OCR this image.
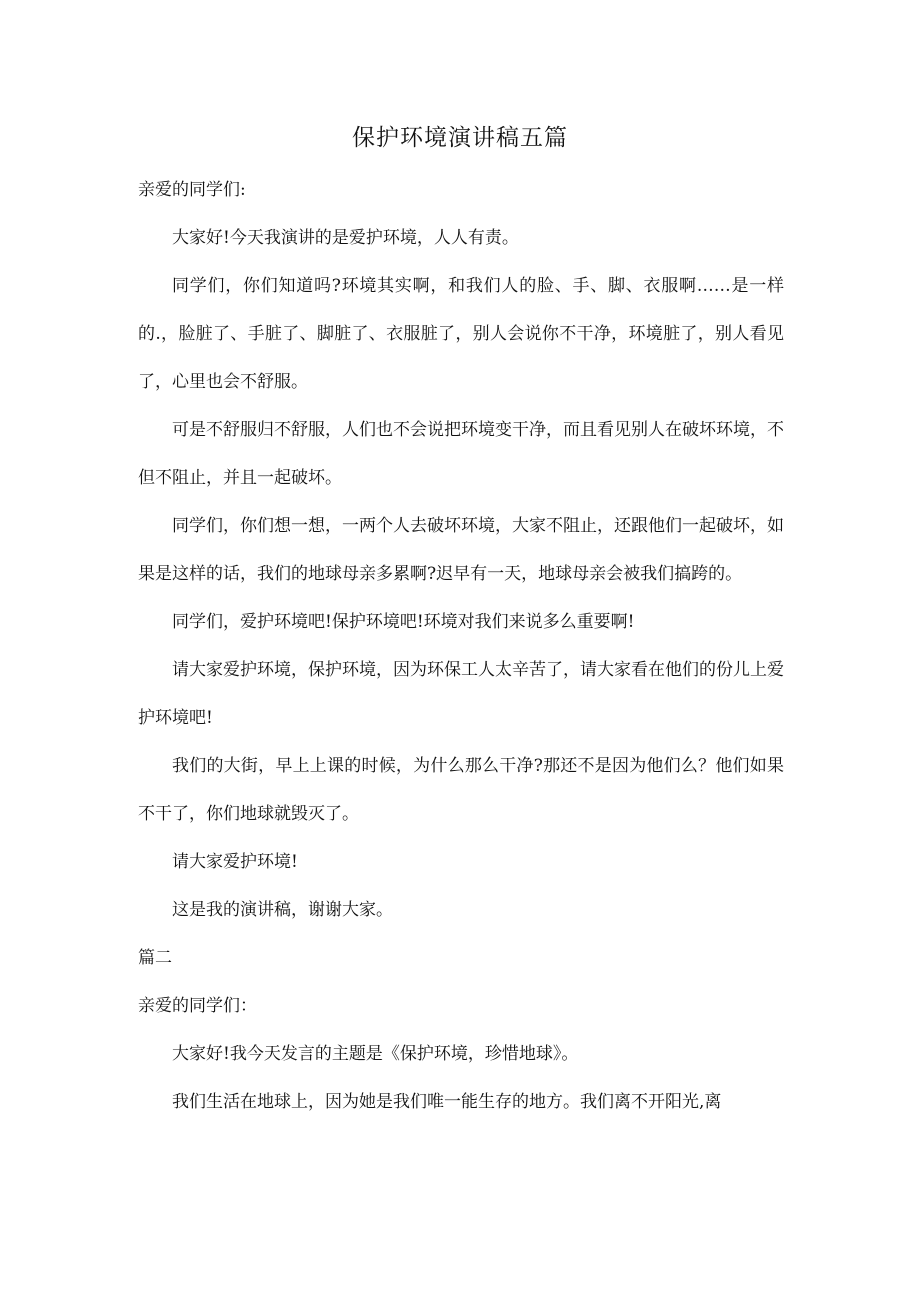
保护环境演讲稿五篇

亲爱的同学们:

大家好!今天我演讲的是爱护环境，人人有责。

同学们，你们知道吗?环境其实啊，和我们人的脸、手、脚、衣服啊……是一样的.，脸脏了、手脏了、脚脏了、衣服脏了，别人会说你不干净，环境脏了，别人看见了，心里也会不舒服。

可是不舒服归不舒服，人们也不会说把环境变干净，而且看见别人在破坏环境，不但不阻止，并且一起破坏。

同学们，你们想一想，一两个人去破坏环境，大家不阻止，还跟他们一起破坏，如果是这样的话，我们的地球母亲多累啊?迟早有一天，地球母亲会被我们搞跨的。

同学们，爱护环境吧!保护环境吧!环境对我们来说多么重要啊!

请大家爱护环境，保护环境，因为环保工人太辛苦了，请大家看在他们的份儿上爱护环境吧!

我们的大街，早上上课的时候，为什么那么干净?那还不是因为他们么？他们如果不干了，你们地球就毁灭了。

请大家爱护环境!

这是我的演讲稿，谢谢大家。

篇二

亲爱的同学们：

大家好!我今天发言的主题是《保护环境，珍惜地球》。

我们生活在地球上，因为她是我们唯一能生存的地方。我们离不开阳光,离
